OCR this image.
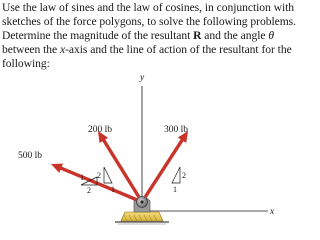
Use the law of sines and the law of cosines, in conjunction with sketches of the force polygons, to solve the following problems. Determine the magnitude of the resultant R and the angle θ between the x-axis and the line of action of the resultant for the following:

y
x
500 lb
200 lb	300 lb
1
2
2
1
2
1
